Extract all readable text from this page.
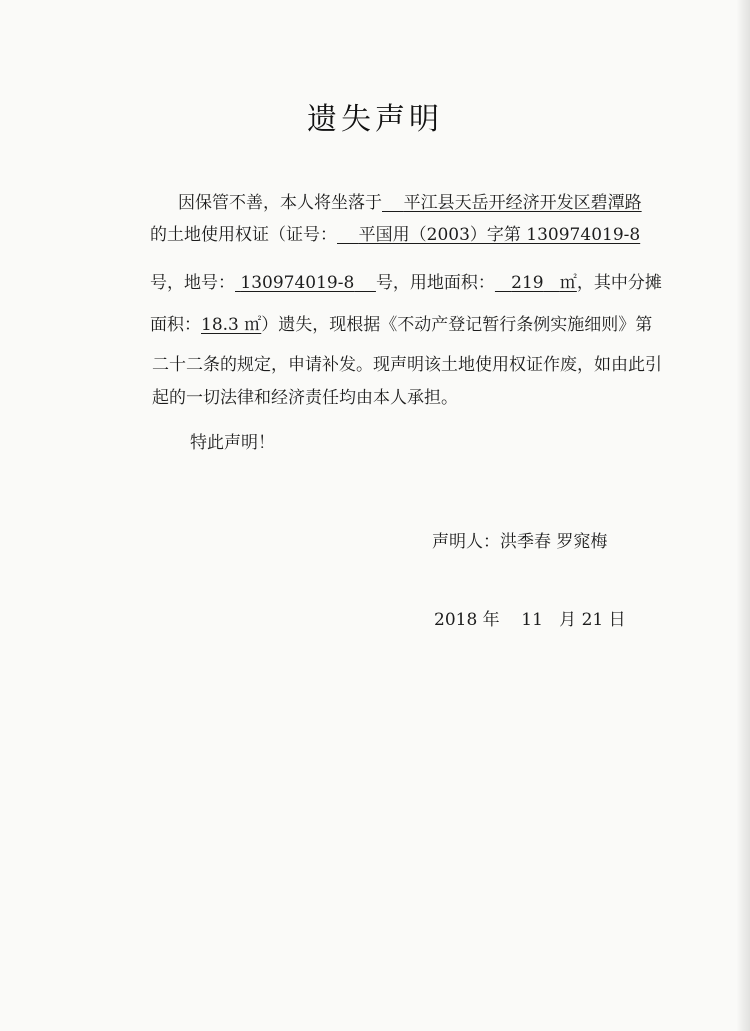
遗失声明
因保管不善，本人将坐落于 平江县天岳开经济开发区碧潭路
的土地使用权证（证号： 平国用（2003）字第 130974019-8
号，地号： 130974019-8 号，用地面积： 219 ㎡，其中分摊
面积：18.3 ㎡）遗失，现根据《不动产登记暂行条例实施细则》第
二十二条的规定，申请补发。现声明该土地使用权证作废，如由此引
起的一切法律和经济责任均由本人承担。
特此声明！
声明人：洪季春 罗窕梅
2018 年 11 月 21 日
